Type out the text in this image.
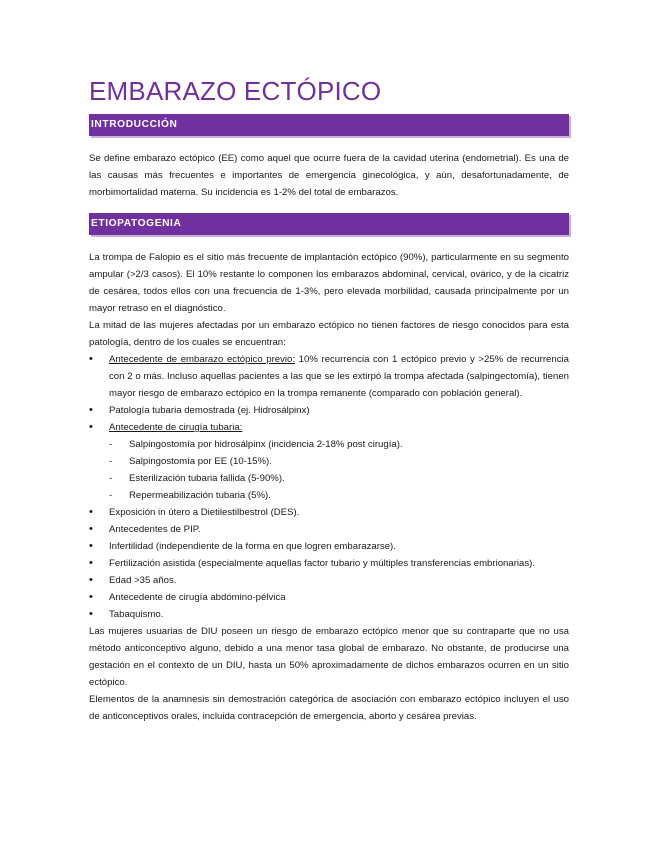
EMBARAZO ECTÓPICO
INTRODUCCIÓN

Se define embarazo ectópico (EE) como aquel que ocurre fuera de la cavidad uterina (endometrial). Es una de las causas más frecuentes e importantes de emergencia ginecológica, y aún, desafortunadamente, de morbimortalidad materna. Su incidencia es 1-2% del total de embarazos.

ETIOPATOGENIA

La trompa de Falopio es el sitio más frecuente de implantación ectópico (90%), particularmente en su segmento ampular (>2/3 casos). El 10% restante lo componen los embarazos abdominal, cervical, ovárico, y de la cicatriz de cesárea, todos ellos con una frecuencia de 1-3%, pero elevada morbilidad, causada principalmente por un mayor retraso en el diagnóstico.

La mitad de las mujeres afectadas por un embarazo ectópico no tienen factores de riesgo conocidos para esta patología, dentro de los cuales se encuentran:

• Antecedente de embarazo ectópico previo: 10% recurrencia con 1 ectópico previo y >25% de recurrencia con 2 o más. Incluso aquellas pacientes a las que se les extirpó la trompa afectada (salpingectomía), tienen mayor riesgo de embarazo ectópico en la trompa remanente (comparado con población general).
• Patología tubaria demostrada (ej. Hidrosálpinx)
• Antecedente de cirugía tubaria:
- Salpingostomía por hidrosálpinx (incidencia 2-18% post cirugía).
- Salpingostomía por EE (10-15%).
- Esterilización tubaria fallida (5-90%).
- Repermeabilización tubaria (5%).
• Exposición in útero a Dietilestilbestrol (DES).
• Antecedentes de PIP.
• Infertilidad (independiente de la forma en que logren embarazarse).
• Fertilización asistida (especialmente aquellas factor tubario y múltiples transferencias embrionarias).
• Edad >35 años.
• Antecedente de cirugía abdómino-pélvica
• Tabaquismo.

Las mujeres usuarias de DIU poseen un riesgo de embarazo ectópico menor que su contraparte que no usa método anticonceptivo alguno, debido a una menor tasa global de embarazo. No obstante, de producirse una gestación en el contexto de un DIU, hasta un 50% aproximadamente de dichos embarazos ocurren en un sitio ectópico.

Elementos de la anamnesis sin demostración categórica de asociación con embarazo ectópico incluyen el uso de anticonceptivos orales, incluida contracepción de emergencia, aborto y cesárea previas.
